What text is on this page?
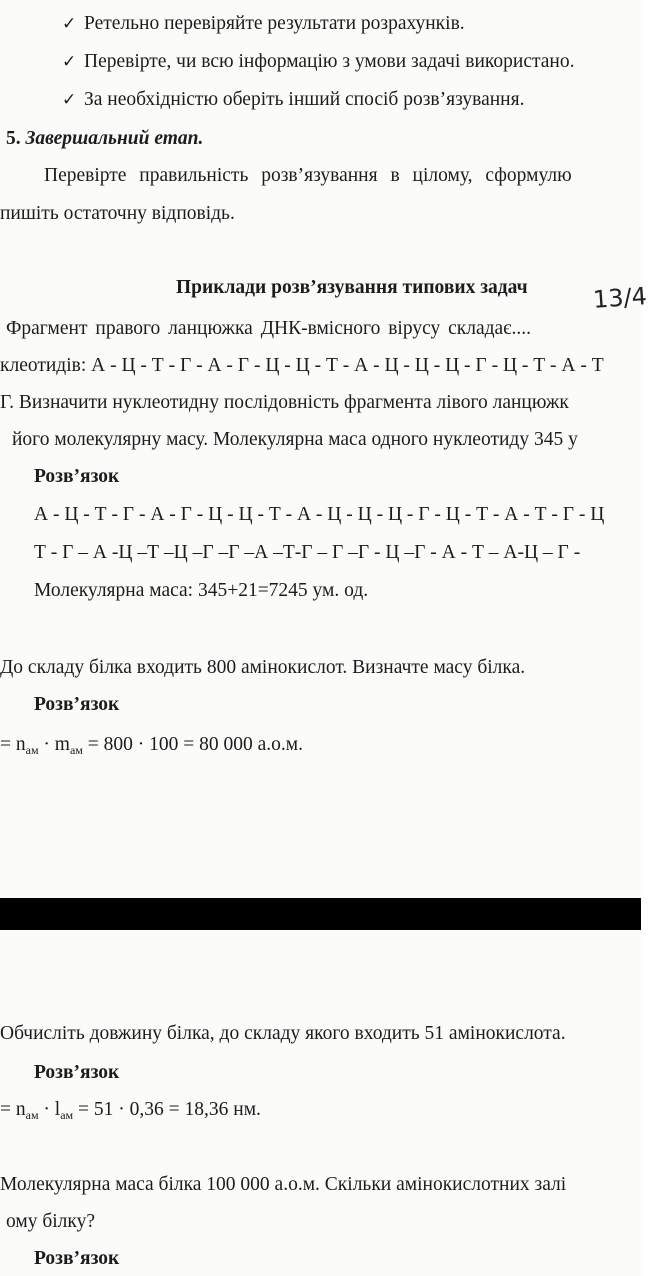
✓ Ретельно перевіряйте результати розрахунків.
✓ Перевірте, чи всю інформацію з умови задачі використано.
✓ За необхідністю оберіть інший спосіб розв’язування.
5. Завершальний етап.
Перевірте правильність розв’язування в цілому, сформулю
пишіть остаточну відповідь.
Приклади розв’язування типових задач	13/4
Фрагмент правого ланцюжка ДНК-вмісного вірусу складає....
клеотидів: А - Ц - Т - Г - А - Г - Ц - Ц - Т - А - Ц - Ц - Ц - Г - Ц - Т - А - Т
Г. Визначити нуклеотидну послідовність фрагмента лівого ланцюжк
його молекулярну масу. Молекулярна маса одного нуклеотиду 345 у
Розв’язок
А - Ц - Т - Г - А - Г - Ц - Ц - Т - А - Ц - Ц - Ц - Г - Ц - Т - А - Т - Г - Ц
Т - Г – А -Ц –Т –Ц –Г –Г –А –Т-Г – Г –Г - Ц –Г - А - Т – А-Ц – Г -
Молекулярна маса: 345+21=7245 ум. од.
До складу білка входить 800 амінокислот. Визначте масу білка.
Розв’язок
= $n_{ам} \cdot m_{ам} = 800 \cdot 100 = 80$ 000 а.о.м.
Обчисліть довжину білка, до складу якого входить 51 амінокислота.
Розв’язок
= $n_{ам} \cdot l_{ам} = 51 \cdot 0,36 = 18,36$ нм.
Молекулярна маса білка 100 000 а.о.м. Скільки амінокислотних залі
ому білку?
Розв’язок
